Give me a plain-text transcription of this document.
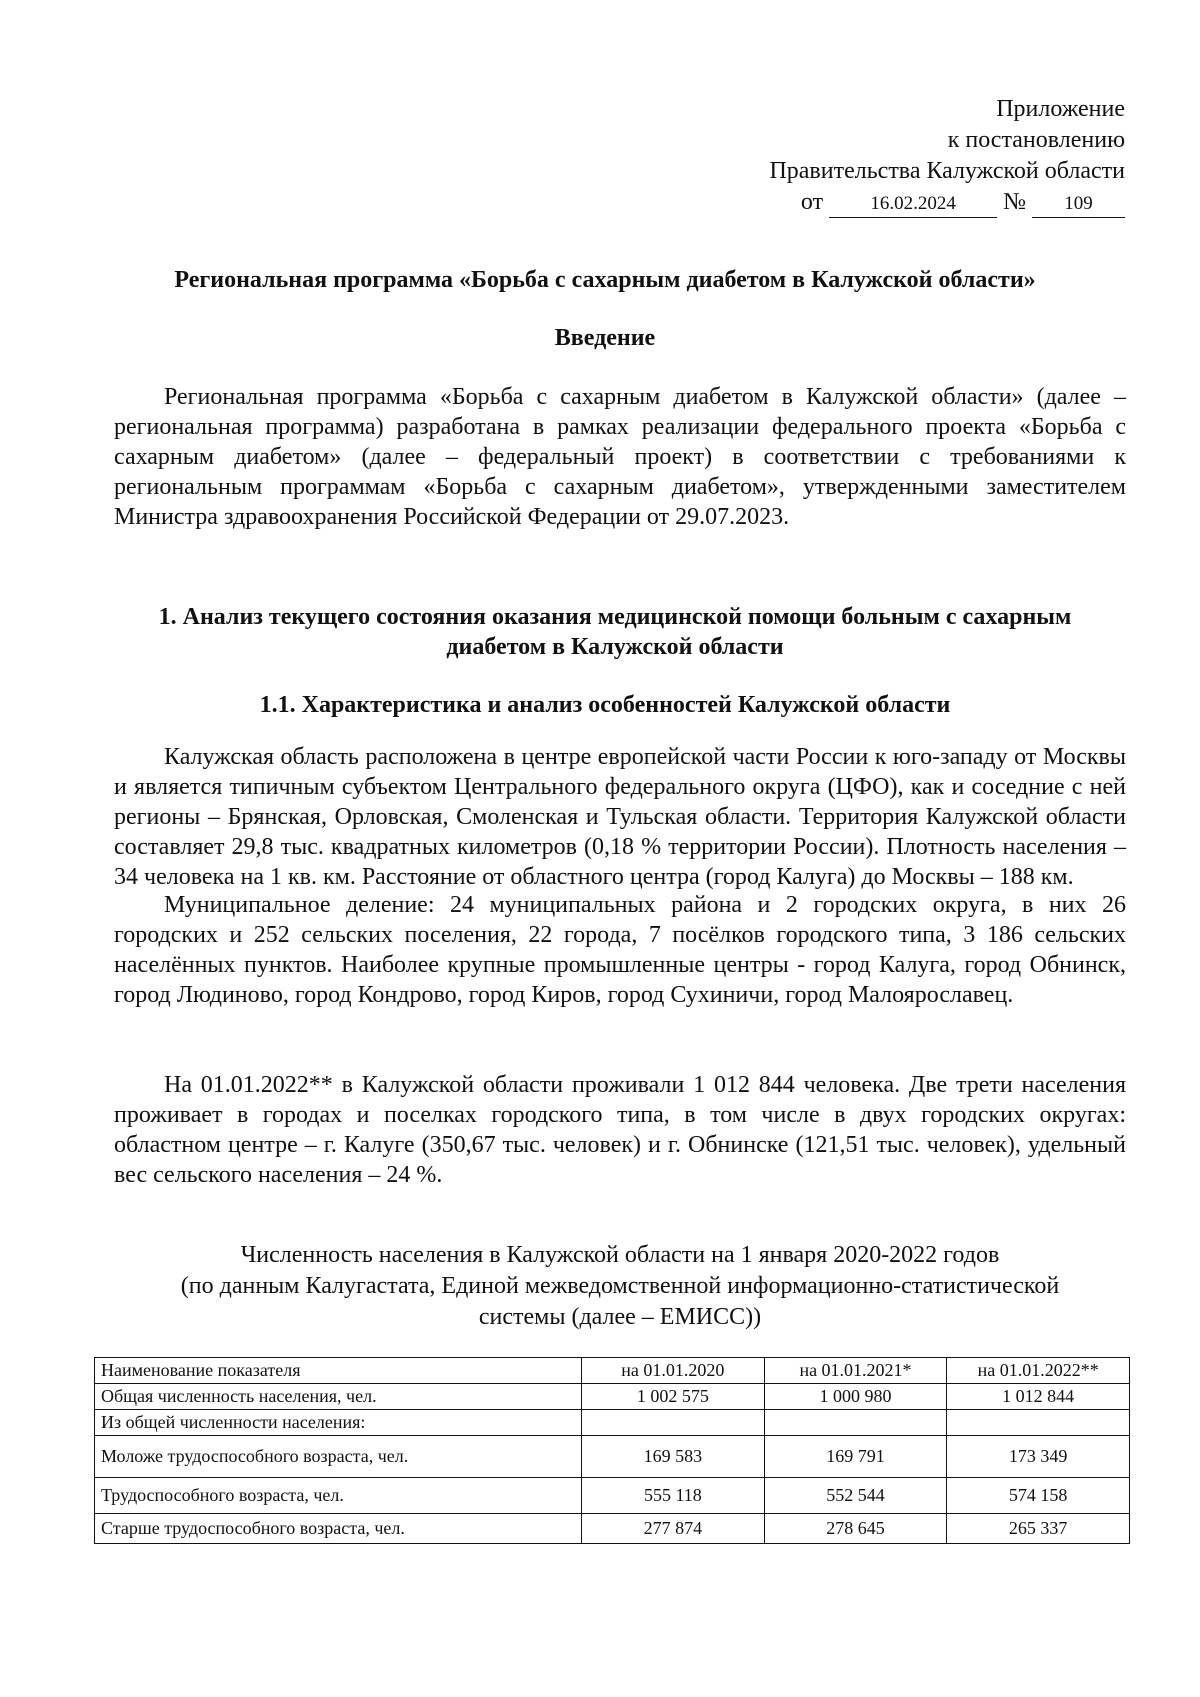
Приложение
к постановлению
Правительства Калужской области
от 16.02.2024 № 109
Региональная программа «Борьба с сахарным диабетом в Калужской области»
Введение

Региональная программа «Борьба с сахарным диабетом в Калужской области» (далее – региональная программа) разработана в рамках реализации федерального проекта «Борьба с сахарным диабетом» (далее – федеральный проект) в соответствии с требованиями к региональным программам «Борьба с сахарным диабетом», утвержденными заместителем Министра здравоохранения Российской Федерации от 29.07.2023.

1. Анализ текущего состояния оказания медицинской помощи больным с сахарным
диабетом в Калужской области
1.1. Характеристика и анализ особенностей Калужской области

Калужская область расположена в центре европейской части России к юго-западу от Москвы и является типичным субъектом Центрального федерального округа (ЦФО), как и соседние с ней регионы – Брянская, Орловская, Смоленская и Тульская области. Территория Калужской области составляет 29,8 тыс. квадратных километров (0,18 % территории России). Плотность населения – 34 человека на 1 кв. км. Расстояние от областного центра (город Калуга) до Москвы – 188 км.

Муниципальное деление: 24 муниципальных района и 2 городских округа, в них 26 городских и 252 сельских поселения, 22 города, 7 посёлков городского типа, 3 186 сельских населённых пунктов. Наиболее крупные промышленные центры - город Калуга, город Обнинск, город Людиново, город Кондрово, город Киров, город Сухиничи, город Малоярославец.

На 01.01.2022** в Калужской области проживали 1 012 844 человека. Две трети населения проживает в городах и поселках городского типа, в том числе в двух городских округах: областном центре – г. Калуге (350,67 тыс. человек) и г. Обнинске (121,51 тыс. человек), удельный вес сельского населения – 24 %.

Численность населения в Калужской области на 1 января 2020-2022 годов
(по данным Калугастата, Единой межведомственной информационно-статистической
системы (далее – ЕМИСС))
Наименование показателя	на 01.01.2020	на 01.01.2021*	на 01.01.2022**
Общая численность населения, чел.	1 002 575	1 000 980	1 012 844
Из общей численности населения:			
Моложе трудоспособного возраста, чел.	169 583	169 791	173 349
Трудоспособного возраста, чел.	555 118	552 544	574 158
Старше трудоспособного возраста, чел.	277 874	278 645	265 337
